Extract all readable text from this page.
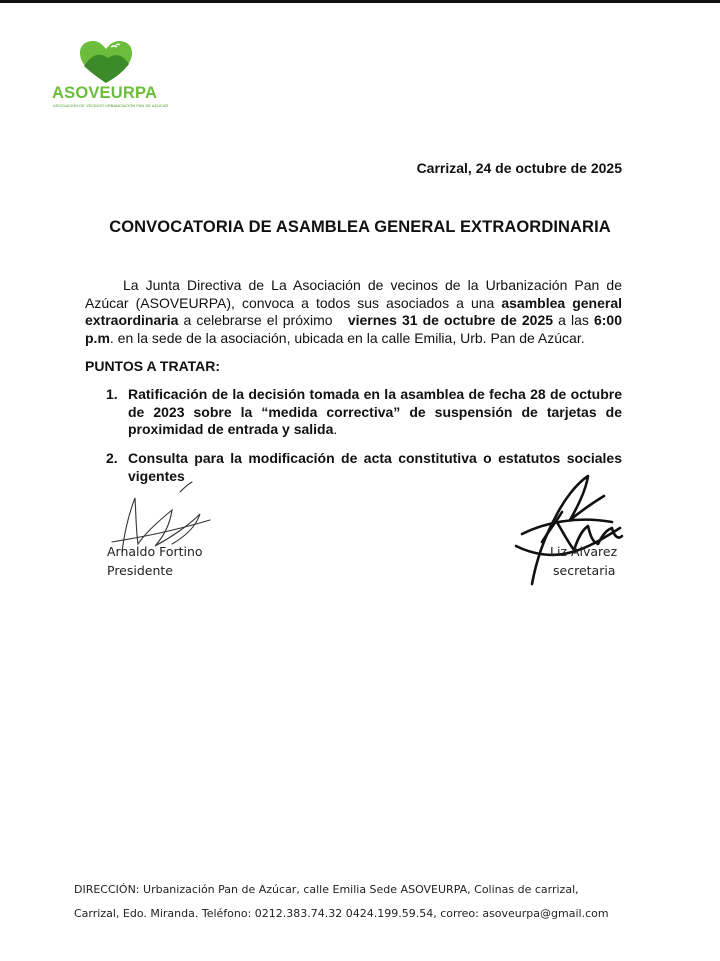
ASOVEURPA
ASOCIACIÓN DE VECINOS URBANIZACIÓN PAN DE AZÚCAR
Carrizal, 24 de octubre de 2025
CONVOCATORIA DE ASAMBLEA GENERAL EXTRAORDINARIA
La Junta Directiva de La Asociación de vecinos de la Urbanización Pan de Azúcar (ASOVEURPA), convoca a todos sus asociados a una asamblea general extraordinaria a celebrarse el próximo   viernes 31 de octubre de 2025 a las 6:00 p.m. en la sede de la asociación, ubicada en la calle Emilia, Urb. Pan de Azúcar.
PUNTOS A TRATAR:
1. Ratificación de la decisión tomada en la asamblea de fecha 28 de octubre de 2023 sobre la “medida correctiva” de suspensión de tarjetas de proximidad de entrada y salida.
2. Consulta para la modificación de acta constitutiva o estatutos sociales vigentes
Arnaldo Fortino
Presidente
Liz Álvarez
secretaria
DIRECCIÓN: Urbanización Pan de Azúcar, calle Emilia Sede ASOVEURPA, Colinas de carrizal,
Carrizal, Edo. Miranda. Teléfono: 0212.383.74.32 0424.199.59.54, correo: asoveurpa@gmail.com
